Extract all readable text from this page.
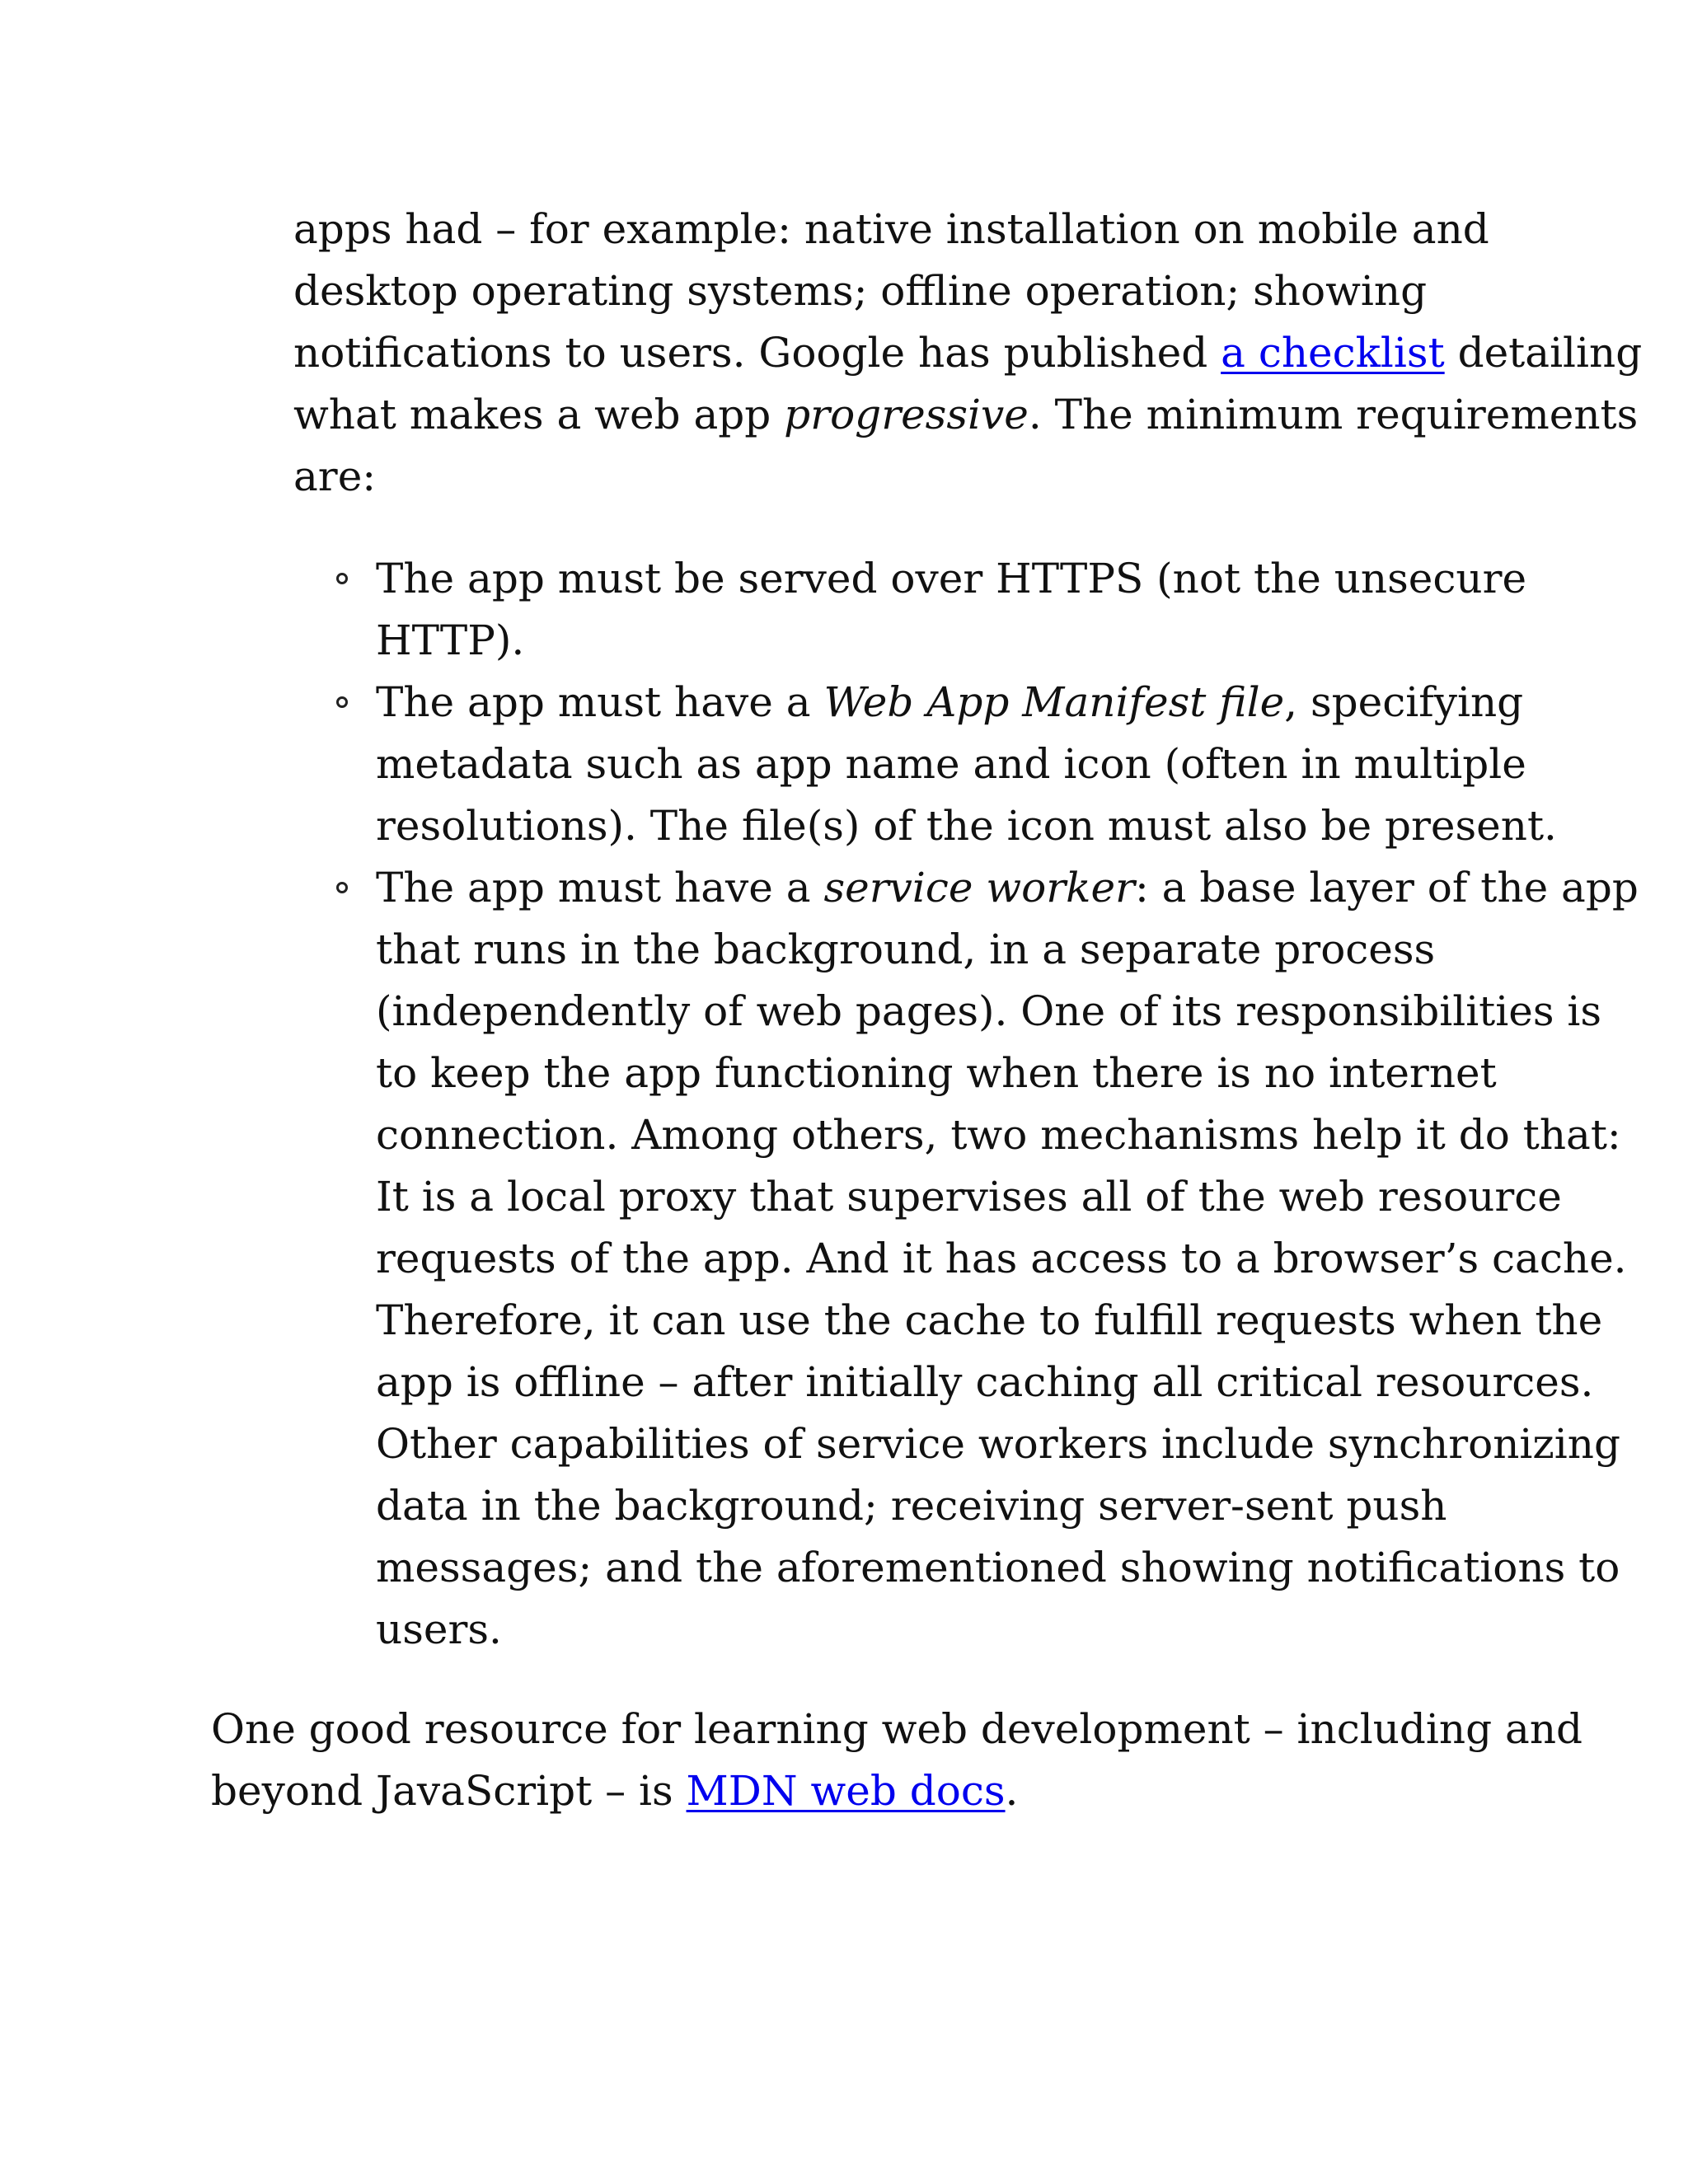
apps had – for example: native installation on mobile and
desktop operating systems; offline operation; showing
notifications to users. Google has published a checklist detailing
what makes a web app progressive. The minimum requirements
are:

The app must be served over HTTPS (not the unsecure
HTTP).
The app must have a Web App Manifest file, specifying
metadata such as app name and icon (often in multiple
resolutions). The file(s) of the icon must also be present.
The app must have a service worker: a base layer of the app
that runs in the background, in a separate process
(independently of web pages). One of its responsibilities is
to keep the app functioning when there is no internet
connection. Among others, two mechanisms help it do that:
It is a local proxy that supervises all of the web resource
requests of the app. And it has access to a browser’s cache.
Therefore, it can use the cache to fulfill requests when the
app is offline – after initially caching all critical resources.
Other capabilities of service workers include synchronizing
data in the background; receiving server-sent push
messages; and the aforementioned showing notifications to
users.

One good resource for learning web development – including and
beyond JavaScript – is MDN web docs.
